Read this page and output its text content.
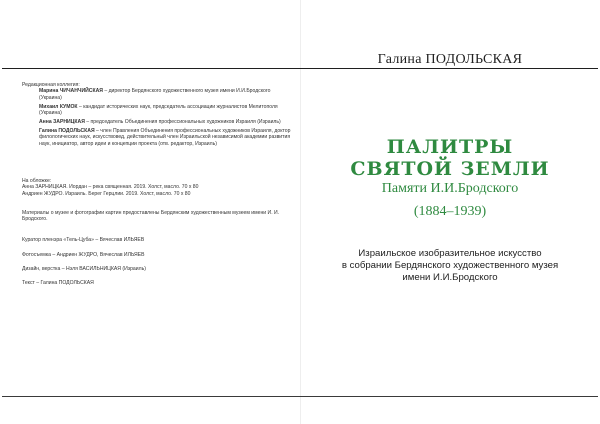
Галина ПОДОЛЬСКАЯ

Редакционная коллегия:

Марина ЧИЧАНЧИЙСКАЯ – директор Бердянского художественного музея имени И.И.Бродского (Украина)

Михаил КУМОК – кандидат исторических наук, председатель ассоциации журналистов Мелитополя (Украина)

Анна ЗАРНИЦКАЯ – председатель Объединения профессиональных художников Израиля (Израиль)

Галина ПОДОЛЬСКАЯ – член Правления Объединения профессиональных художников Израиля, доктор филологических наук, искусствовед, действительный член Израильской независимой академии развития наук, инициатор, автор идеи и концепции проекта (отв. редактор, Израиль)

На обложке:

Анна ЗАРНИЦКАЯ. Иордан – река священная. 2019. Холст, масло. 70 х 80

Андриен ЖУДРО. Израиль. Берег Герцлии. 2019. Холст, масло. 70 х 80

Материалы о музее и фотографии картин предоставлены Бердянским художественным музеем имени И. И. Бродского.

Куратор пленэра «Тель-Цуба» – Вячеслав ИЛЬЯЕВ

Фотосъемка – Андриен ЖУДРО, Вячеслав ИЛЬЯЕВ

Дизайн, верстка – Нэля ВАСИЛЬНИЦКАЯ (Израиль)

Текст – Галина ПОДОЛЬСКАЯ

ПАЛИТРЫ

СВЯТОЙ ЗЕМЛИ

Памяти И.И.Бродского

(1884–1939)

Израильское изобразительное искусство

в собрании Бердянского художественного музея

имени И.И.Бродского
